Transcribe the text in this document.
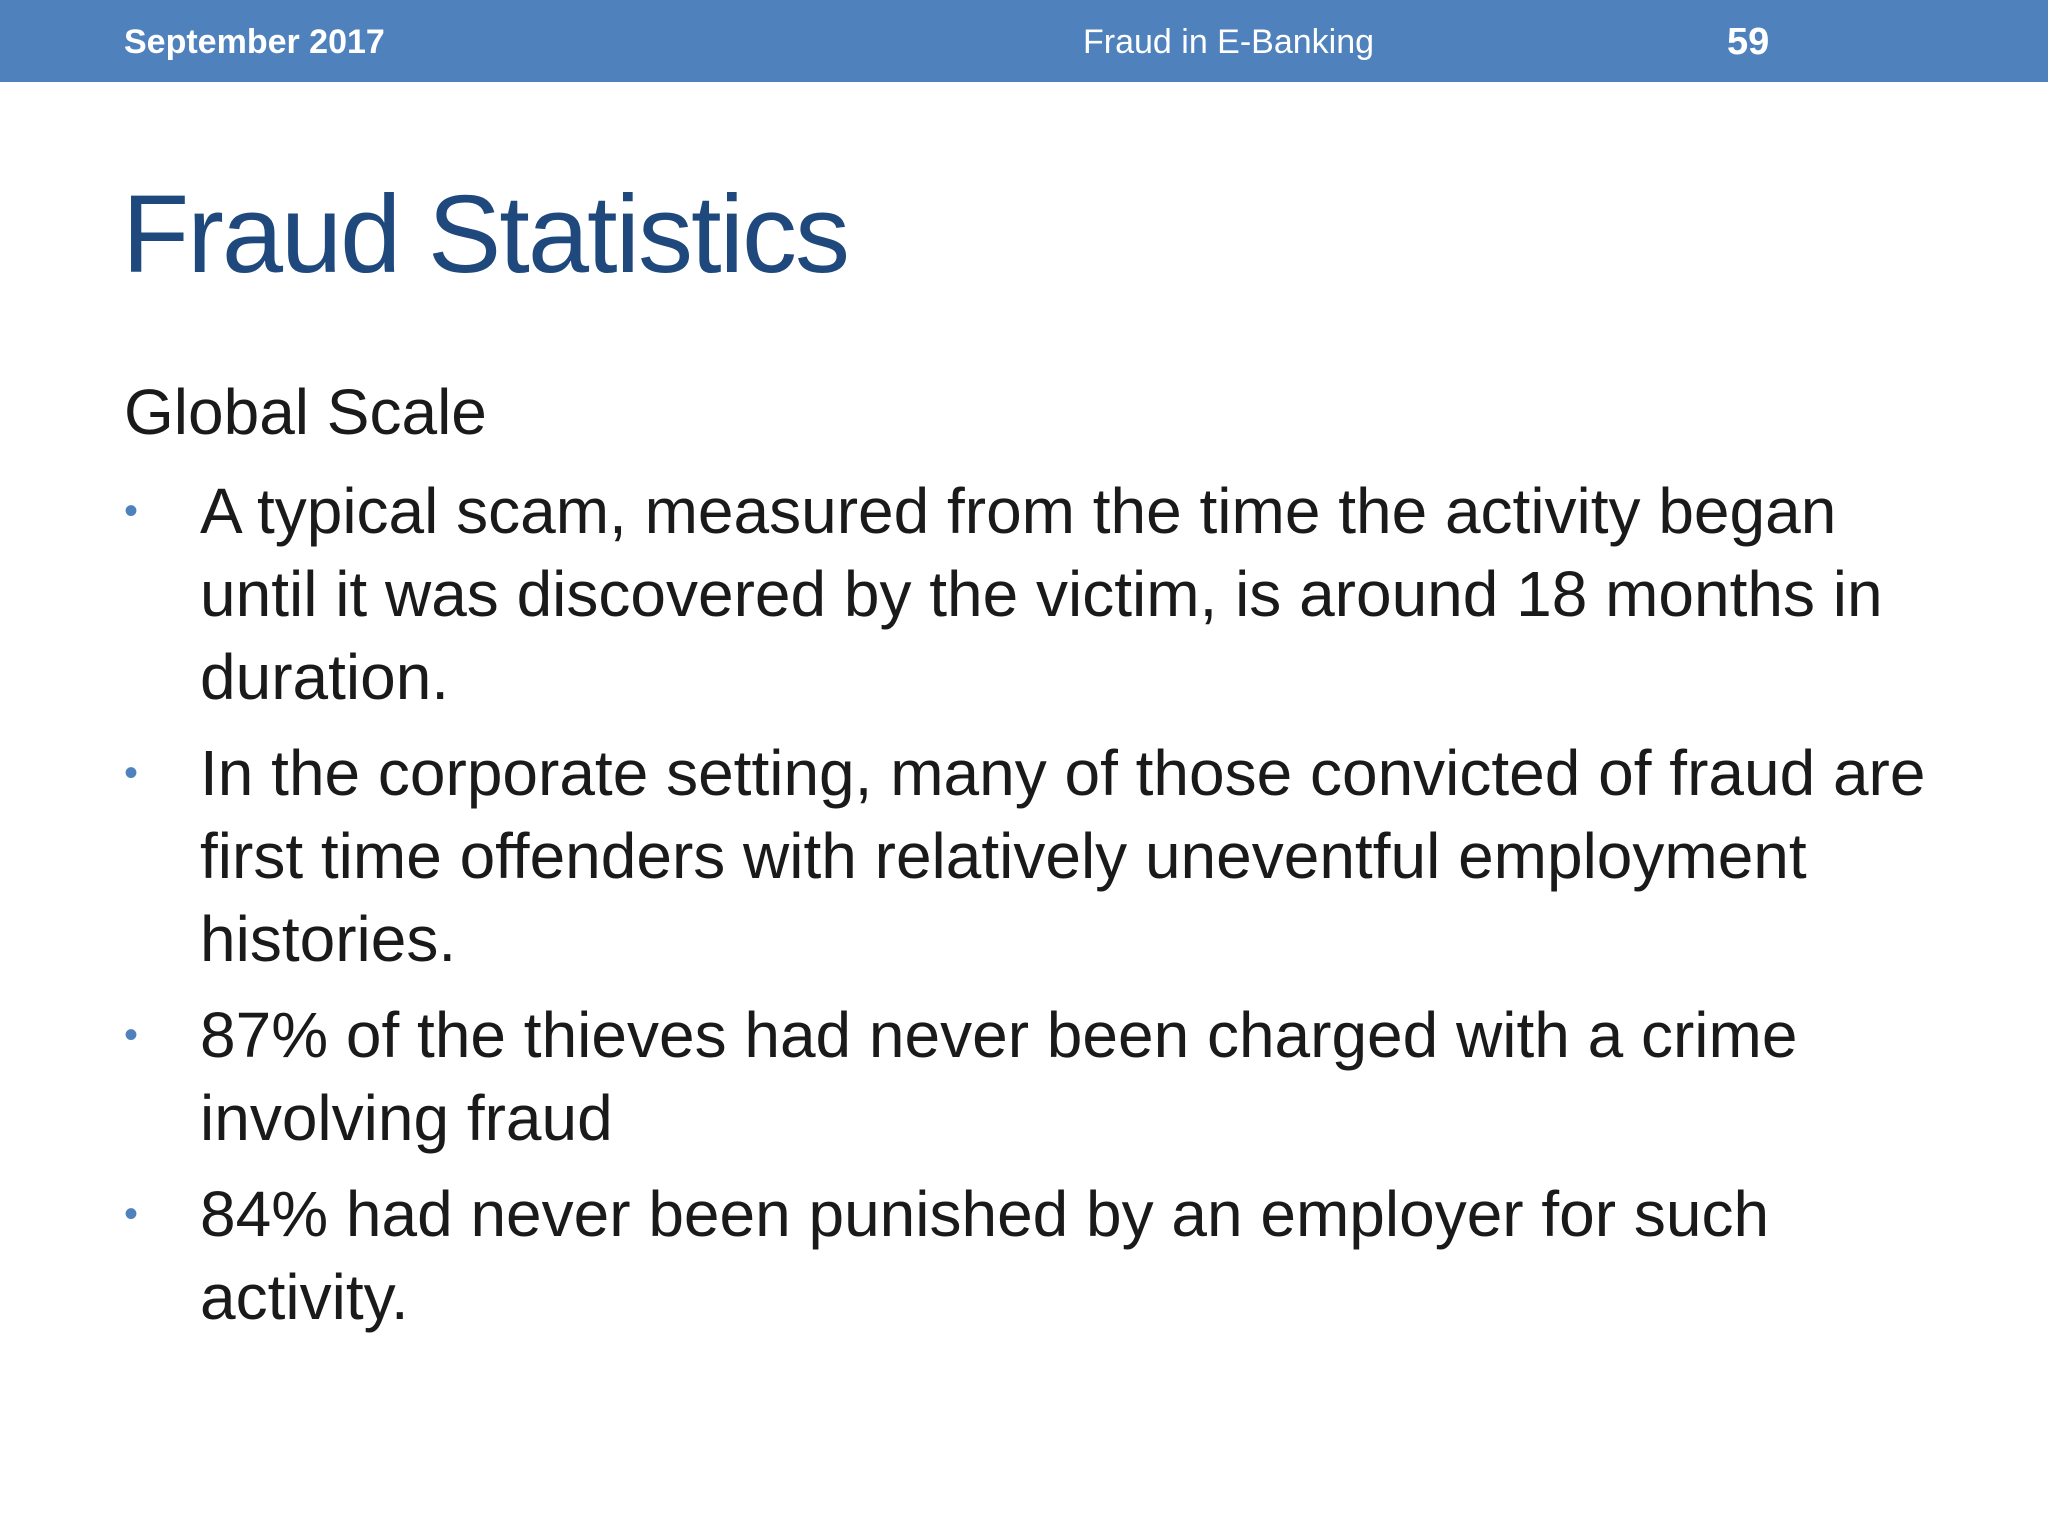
September 2017	Fraud in E-Banking	59
Fraud Statistics
Global Scale
• A typical scam, measured from the time the activity began until it was discovered by the victim, is around 18 months in duration.
• In the corporate setting, many of those convicted of fraud are first time offenders with relatively uneventful employment histories.
• 87% of the thieves had never been charged with a crime involving fraud
• 84% had never been punished by an employer for such activity.
